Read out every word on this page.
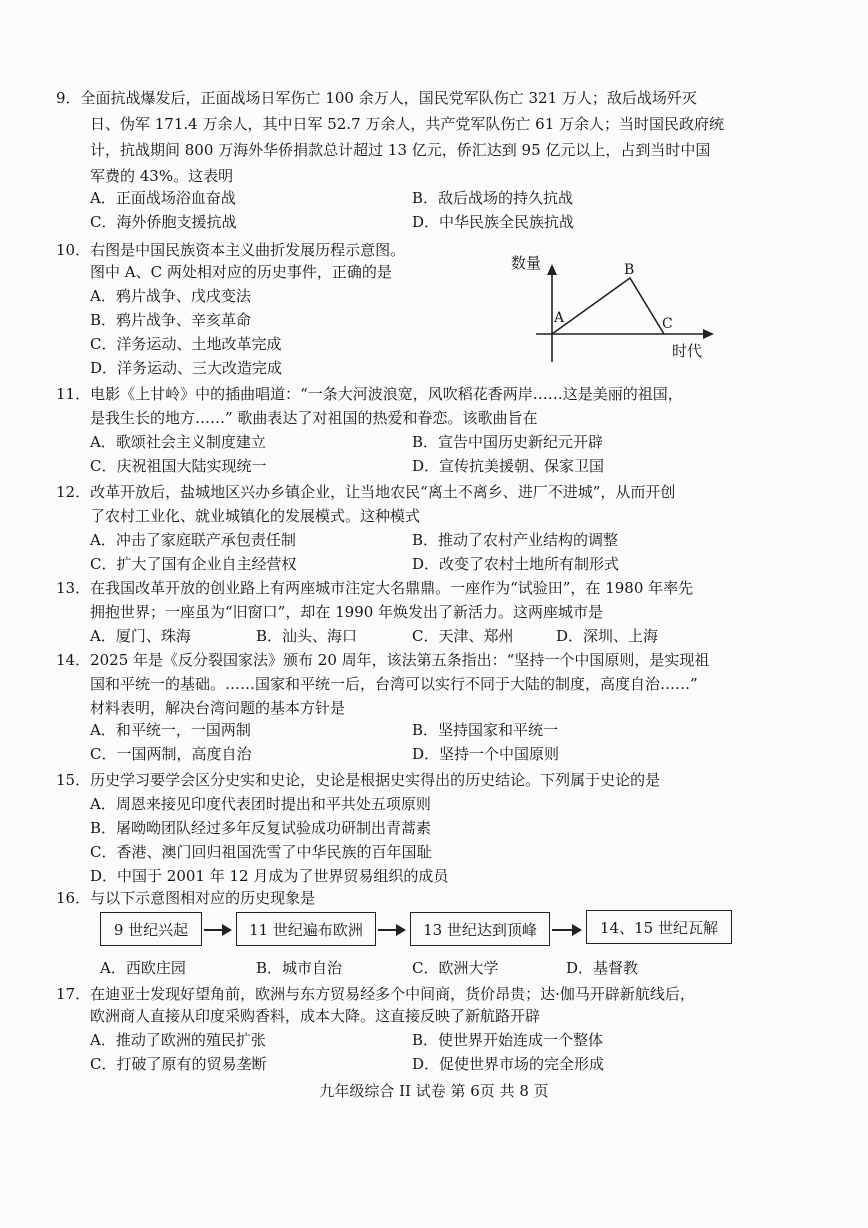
9．全面抗战爆发后，正面战场日军伤亡 100 余万人，国民党军队伤亡 321 万人；敌后战场歼灭
日、伪军 171.4 万余人，其中日军 52.7 万余人，共产党军队伤亡 61 万余人；当时国民政府统
计，抗战期间 800 万海外华侨捐款总计超过 13 亿元，侨汇达到 95 亿元以上，占到当时中国
军费的 43%。这表明
A．正面战场浴血奋战	B．敌后战场的持久抗战
C．海外侨胞支援抗战	D．中华民族全民族抗战
10．右图是中国民族资本主义曲折发展历程示意图。
图中 A、C 两处相对应的历史事件，正确的是
A．鸦片战争、戊戌变法
B．鸦片战争、辛亥革命
C．洋务运动、土地改革完成
D．洋务运动、三大改造完成
数量
时代
A
B
C
11．电影《上甘岭》中的插曲唱道：“一条大河波浪宽，风吹稻花香两岸……这是美丽的祖国，
是我生长的地方……” 歌曲表达了对祖国的热爱和眷恋。该歌曲旨在
A．歌颂社会主义制度建立	B．宣告中国历史新纪元开辟
C．庆祝祖国大陆实现统一	D．宣传抗美援朝、保家卫国
12．改革开放后，盐城地区兴办乡镇企业，让当地农民“离土不离乡、进厂不进城”，从而开创
了农村工业化、就业城镇化的发展模式。这种模式
A．冲击了家庭联产承包责任制	B．推动了农村产业结构的调整
C．扩大了国有企业自主经营权	D．改变了农村土地所有制形式
13．在我国改革开放的创业路上有两座城市注定大名鼎鼎。一座作为“试验田”，在 1980 年率先
拥抱世界；一座虽为“旧窗口”，却在 1990 年焕发出了新活力。这两座城市是
A．厦门、珠海	B．汕头、海口	C．天津、郑州	D．深圳、上海
14．2025 年是《反分裂国家法》颁布 20 周年，该法第五条指出：“坚持一个中国原则，是实现祖
国和平统一的基础。……国家和平统一后，台湾可以实行不同于大陆的制度，高度自治……”
材料表明，解决台湾问题的基本方针是
A．和平统一，一国两制	B．坚持国家和平统一
C．一国两制，高度自治	D．坚持一个中国原则
15．历史学习要学会区分史实和史论，史论是根据史实得出的历史结论。下列属于史论的是
A．周恩来接见印度代表团时提出和平共处五项原则
B．屠呦呦团队经过多年反复试验成功研制出青蒿素
C．香港、澳门回归祖国洗雪了中华民族的百年国耻
D．中国于 2001 年 12 月成为了世界贸易组织的成员
16．与以下示意图相对应的历史现象是
9 世纪兴起	11 世纪遍布欧洲	13 世纪达到顶峰	14、15 世纪瓦解
A．西欧庄园	B．城市自治	C．欧洲大学	D．基督教
17．在迪亚士发现好望角前，欧洲与东方贸易经多个中间商，货价昂贵；达·伽马开辟新航线后，
欧洲商人直接从印度采购香料，成本大降。这直接反映了新航路开辟
A．推动了欧洲的殖民扩张	B．使世界开始连成一个整体
C．打破了原有的贸易垄断	D．促使世界市场的完全形成
九年级综合 II 试卷 第 6页 共 8 页
